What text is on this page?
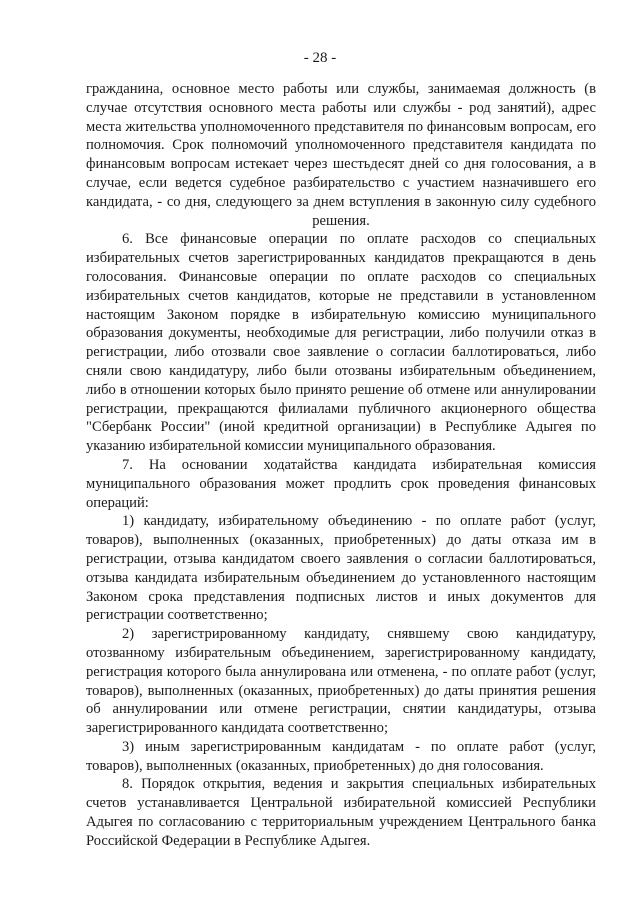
- 28 -

гражданина, основное место работы или службы, занимаемая должность (в случае отсутствия основного места работы или службы - род занятий), адрес места жительства уполномоченного представителя по финансовым вопросам, его полномочия. Срок полномочий уполномоченного представителя кандидата по финансовым вопросам истекает через шестьдесят дней со дня голосования, а в случае, если ведется судебное разбирательство с участием назначившего его кандидата, - со дня, следующего за днем вступления в законную силу судебного решения.

6. Все финансовые операции по оплате расходов со специальных избирательных счетов зарегистрированных кандидатов прекращаются в день голосования. Финансовые операции по оплате расходов со специальных избирательных счетов кандидатов, которые не представили в установленном настоящим Законом порядке в избирательную комиссию муниципального образования документы, необходимые для регистрации, либо получили отказ в регистрации, либо отозвали свое заявление о согласии баллотироваться, либо сняли свою кандидатуру, либо были отозваны избирательным объединением, либо в отношении которых было принято решение об отмене или аннулировании регистрации, прекращаются филиалами публичного акционерного общества "Сбербанк России" (иной кредитной организации) в Республике Адыгея по указанию избирательной комиссии муниципального образования.

7. На основании ходатайства кандидата избирательная комиссия муниципального образования может продлить срок проведения финансовых операций:

1) кандидату, избирательному объединению - по оплате работ (услуг, товаров), выполненных (оказанных, приобретенных) до даты отказа им в регистрации, отзыва кандидатом своего заявления о согласии баллотироваться, отзыва кандидата избирательным объединением до установленного настоящим Законом срока представления подписных листов и иных документов для регистрации соответственно;

2) зарегистрированному кандидату, снявшему свою кандидатуру, отозванному избирательным объединением, зарегистрированному кандидату, регистрация которого была аннулирована или отменена, - по оплате работ (услуг, товаров), выполненных (оказанных, приобретенных) до даты принятия решения об аннулировании или отмене регистрации, снятии кандидатуры, отзыва зарегистрированного кандидата соответственно;

3) иным зарегистрированным кандидатам - по оплате работ (услуг, товаров), выполненных (оказанных, приобретенных) до дня голосования.

8. Порядок открытия, ведения и закрытия специальных избирательных счетов устанавливается Центральной избирательной комиссией Республики Адыгея по согласованию с территориальным учреждением Центрального банка Российской Федерации в Республике Адыгея.
